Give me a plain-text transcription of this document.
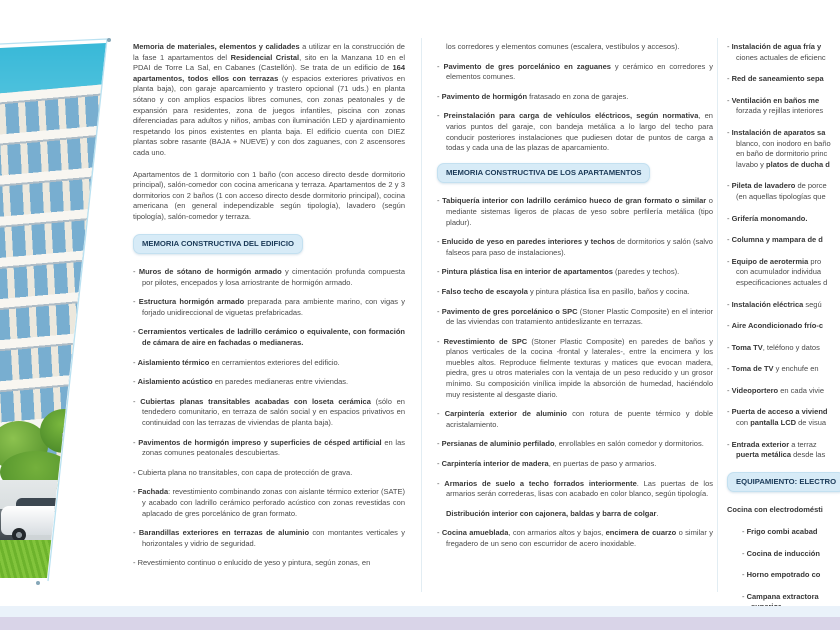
Memoria de materiales, elementos y calidades a utilizar en la construcción de la fase 1 apartamentos del Residencial Cristal, sito en la Manzana 10 en el PDAI de Torre La Sal, en Cabanes (Castellón). Se trata de un edificio de 164 apartamentos, todos ellos con terrazas (y espacios exteriores privativos en planta baja), con garaje aparcamiento y trastero opcional (71 uds.) en planta sótano y con amplios espacios libres comunes, con zonas peatonales y de expansión para residentes, zona de juegos infantiles, piscina con zonas diferenciadas para adultos y niños, ambas con iluminación LED y ajardinamiento respetando los pinos existentes en planta baja. El edificio cuenta con DIEZ plantas sobre rasante (BAJA + NUEVE) y con dos zaguanes, con 2 ascensores cada uno.
Apartamentos de 1 dormitorio con 1 baño (con acceso directo desde dormitorio principal), salón-comedor con cocina americana y terraza. Apartamentos de 2 y 3 dormitorios con 2 baños (1 con acceso directo desde dormitorio principal), cocina americana (en general independizable según tipología), lavadero (según tipología), salón-comedor y terraza.
MEMORIA CONSTRUCTIVA DEL EDIFICIO
- Muros de sótano de hormigón armado y cimentación profunda compuesta por pilotes, encepados y losa arriostrante de hormigón armado.
- Estructura hormigón armado preparada para ambiente marino, con vigas y forjado unidireccional de viguetas prefabricadas.
- Cerramientos verticales de ladrillo cerámico o equivalente, con formación de cámara de aire en fachadas o medianeras.
- Aislamiento térmico en cerramientos exteriores del edificio.
- Aislamiento acústico en paredes medianeras entre viviendas.
- Cubiertas planas transitables acabadas con loseta cerámica (sólo en tendedero comunitario, en terraza de salón social y en espacios privativos en continuidad con las terrazas de viviendas de planta baja).
- Pavimentos de hormigón impreso y superficies de césped artificial en las zonas comunes peatonales descubiertas.
- Cubierta plana no transitables, con capa de protección de grava.
- Fachada: revestimiento combinando zonas con aislante térmico exterior (SATE) y acabado con ladrillo cerámico perforado acústico con zonas revestidas con aplacado de gres porcelánico de gran formato.
- Barandillas exteriores en terrazas de aluminio con montantes verticales y horizontales y vidrio de seguridad.
- Revestimiento continuo o enlucido de yeso y pintura, según zonas, en
los corredores y elementos comunes (escalera, vestíbulos y accesos).
- Pavimento de gres porcelánico en zaguanes y cerámico en corredores y elementos comunes.
- Pavimento de hormigón fratasado en zona de garajes.
- Preinstalación para carga de vehículos eléctricos, según normativa, en varios puntos del garaje, con bandeja metálica a lo largo del techo para conducir posteriores instalaciones que pudiesen dotar de puntos de carga a todas y cada una de las plazas de aparcamiento.
MEMORIA CONSTRUCTIVA DE LOS APARTAMENTOS
- Tabiquería interior con ladrillo cerámico hueco de gran formato o similar o mediante sistemas ligeros de placas de yeso sobre perfilería metálica (tipo pladur).
- Enlucido de yeso en paredes interiores y techos de dormitorios y salón (salvo falseos para paso de instalaciones).
- Pintura plástica lisa en interior de apartamentos (paredes y techos).
- Falso techo de escayola y pintura plástica lisa en pasillo, baños y cocina.
- Pavimento de gres porcelánico o SPC (Stoner Plastic Composite) en el interior de las viviendas con tratamiento antideslizante en terrazas.
- Revestimiento de SPC (Stoner Plastic Composite) en paredes de baños y planos verticales de la cocina -frontal y laterales-, entre la encimera y los muebles altos. Reproduce fielmente texturas y matices que evocan madera, piedra, gres u otros materiales con la ventaja de un peso reducido y un grosor mínimo. Su composición vinílica impide la absorción de humedad, haciéndolo muy resistente al desgaste diario.
- Carpintería exterior de aluminio con rotura de puente térmico y doble acristalamiento.
- Persianas de aluminio perfilado, enrollables en salón comedor y dormitorios.
- Carpintería interior de madera, en puertas de paso y armarios.
- Armarios de suelo a techo forrados interiormente. Las puertas de los armarios serán correderas, lisas con acabado en color blanco, según tipología.
Distribución interior con cajonera, baldas y barra de colgar.
- Cocina amueblada, con armarios altos y bajos, encimera de cuarzo o similar y fregadero de un seno con escurridor de acero inoxidable.
- Instalación de agua fría y
ciones actuales de eficienc
- Red de saneamiento sepa
- Ventilación en baños me
forzada y rejillas interiores
- Instalación de aparatos sa
blanco, con inodoro en baño
en baño de dormitorio princ
lavabo y platos de ducha d
- Pileta de lavadero de porce
(en aquellas tipologías que
- Grifería monomando.
- Columna y mampara de d
- Equipo de aerotermia pro
con acumulador individua
especificaciones actuales d
- Instalación eléctrica segú
- Aire Acondicionado frío-c
- Toma TV, teléfono y datos
- Toma de TV y enchufe en
- Videoportero en cada vivie
- Puerta de acceso a viviend
con pantalla LCD de visua
- Entrada exterior a terraz
puerta metálica desde las
EQUIPAMIENTO: ELECTRO
Cocina con electrodomésti
- Frigo combi acabad
- Cocina de inducción
- Horno empotrado co
- Campana extractora
